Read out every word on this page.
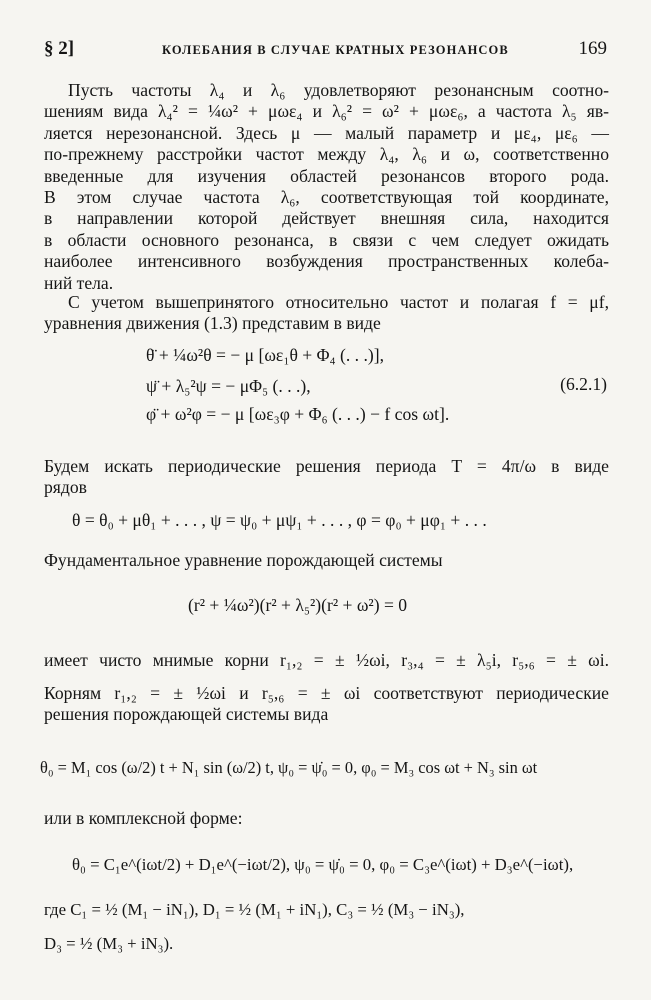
§ 2]	КОЛЕБАНИЯ В СЛУЧАЕ КРАТНЫХ РЕЗОНАНСОВ	169
Пусть частоты λ₄ и λ₆ удовлетворяют резонансным соотно-
шениям вида λ₄² = ¼ω² + μωε₄ и λ₆² = ω² + μωε₆, а частота λ₅ яв-
ляется нерезонансной. Здесь μ — малый параметр и με₄, με₆ —
по-прежнему расстройки частот между λ₄, λ₆ и ω, соответственно
введенные для изучения областей резонансов второго рода.
В этом случае частота λ₆, соответствующая той координате,
в направлении которой действует внешняя сила, находится
в области основного резонанса, в связи с чем следует ожидать
наиболее интенсивного возбуждения пространственных колеба-
ний тела.
С учетом вышепринятого относительно частот и полагая f = μf,
уравнения движения (1.3) представим в виде
θ̈ + ¼ω²θ = − μ [ωε₁θ + Φ₄ (. . .)],
ψ̈ + λ₅²ψ = − μΦ₅ (. . .),
φ̈ + ω²φ = − μ [ωε₃φ + Φ₆ (. . .) − f cos ωt].
(6.2.1)
Будем искать периодические решения периода T = 4π/ω в виде
рядов
θ = θ₀ + μθ₁ + . . . , ψ = ψ₀ + μψ₁ + . . . , φ = φ₀ + μφ₁ + . . .
Фундаментальное уравнение порождающей системы
(r² + ¼ω²)(r² + λ₅²)(r² + ω²) = 0
имеет чисто мнимые корни r₁,₂ = ± ½ωi, r₃,₄ = ± λ₅i, r₅,₆ = ± ωi.
Корням r₁,₂ = ± ½ωi и r₅,₆ = ± ωi соответствуют периодические
решения порождающей системы вида
θ₀ = M₁ cos (ω/2) t + N₁ sin (ω/2) t, ψ₀ = ψ̇₀ = 0, φ₀ = M₃ cos ωt + N₃ sin ωt
или в комплексной форме:
θ₀ = C₁e^(iωt/2) + D₁e^(−iωt/2), ψ₀ = ψ̇₀ = 0, φ₀ = C₃e^(iωt) + D₃e^(−iωt),
где C₁ = ½ (M₁ − iN₁), D₁ = ½ (M₁ + iN₁), C₃ = ½ (M₃ − iN₃),
D₃ = ½ (M₃ + iN₃).
